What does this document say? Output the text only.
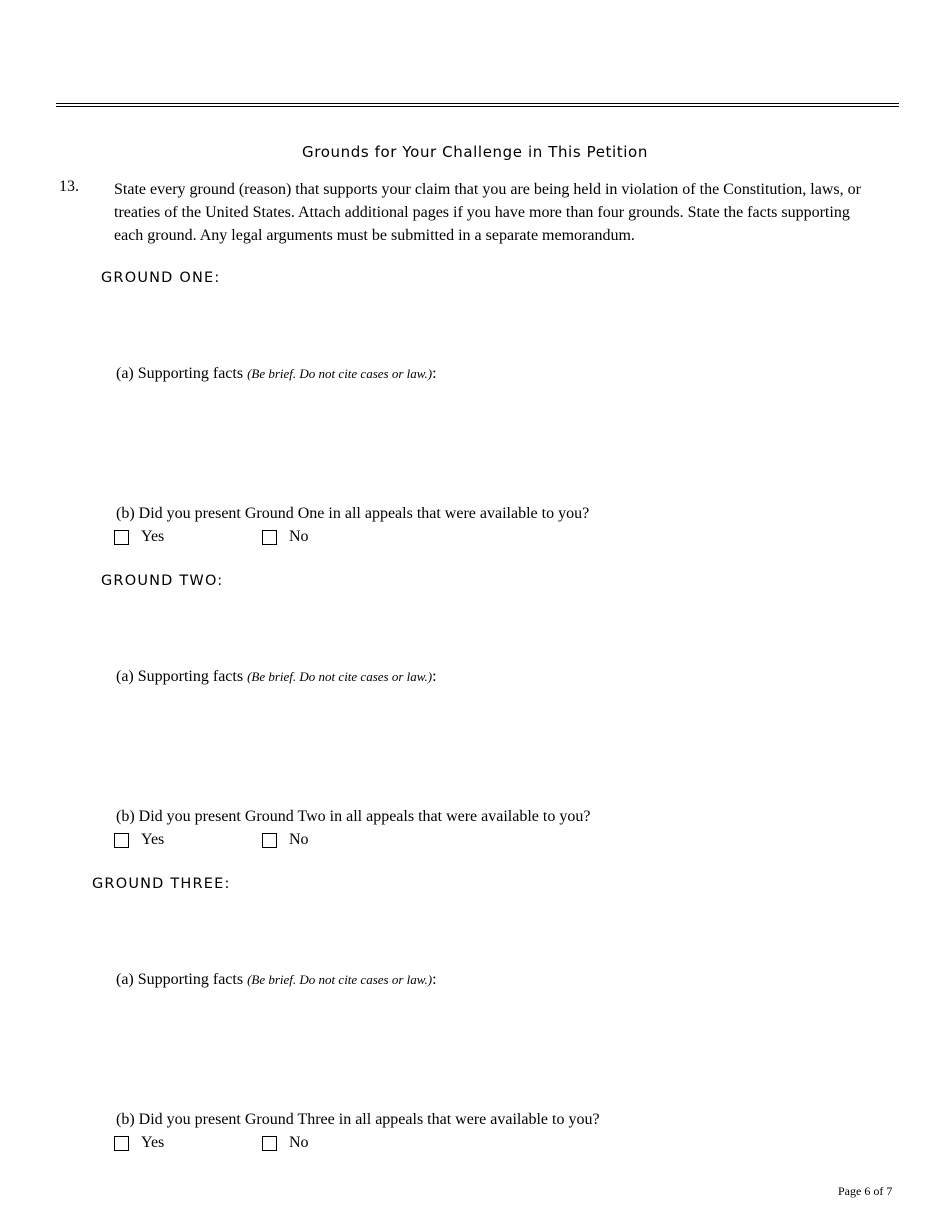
Grounds for Your Challenge in This Petition
13. State every ground (reason) that supports your claim that you are being held in violation of the Constitution, laws, or treaties of the United States. Attach additional pages if you have more than four grounds. State the facts supporting each ground. Any legal arguments must be submitted in a separate memorandum.
GROUND ONE:
(a) Supporting facts (Be brief. Do not cite cases or law.):
(b) Did you present Ground One in all appeals that were available to you?
Yes	No
GROUND TWO:
(a) Supporting facts (Be brief. Do not cite cases or law.):
(b) Did you present Ground Two in all appeals that were available to you?
Yes	No
GROUND THREE:
(a) Supporting facts (Be brief. Do not cite cases or law.):
(b) Did you present Ground Three in all appeals that were available to you?
Yes	No
Page 6 of 7
